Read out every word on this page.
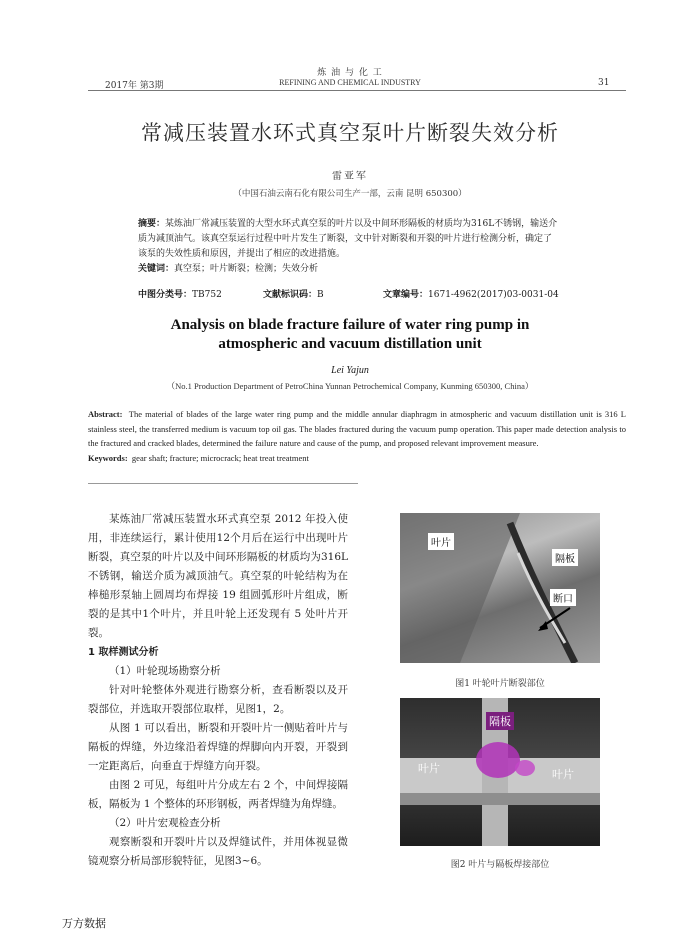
炼 油 与 化 工
2017年 第3期	REFINING AND CHEMICAL INDUSTRY	31
常减压装置水环式真空泵叶片断裂失效分析
雷亚军
（中国石油云南石化有限公司生产一部，云南 昆明 650300）
摘要：某炼油厂常减压装置的大型水环式真空泵的叶片以及中间环形隔板的材质均为316L不锈钢，输送介质为减顶油气。该真空泵运行过程中叶片发生了断裂，文中针对断裂和开裂的叶片进行检测分析，确定了该泵的失效性质和原因，并提出了相应的改进措施。
关键词：真空泵；叶片断裂；检测；失效分析
中图分类号：TB752	文献标识码：B	文章编号：1671-4962(2017)03-0031-04
Analysis on blade fracture failure of water ring pump in atmospheric and vacuum distillation unit
Lei Yajun
（No.1 Production Department of PetroChina Yunnan Petrochemical Company, Kunming 650300, China）
Abstract: The material of blades of the large water ring pump and the middle annular diaphragm in atmospheric and vacuum distillation unit is 316 L stainless steel, the transferred medium is vacuum top oil gas. The blades fractured during the vacuum pump operation. This paper made detection analysis to the fractured and cracked blades, determined the failure nature and cause of the pump, and proposed relevant improvement measure.
Keywords: gear shaft; fracture; microcrack; heat treat treatment

某炼油厂常减压装置水环式真空泵 2012 年投入使用，非连续运行，累计使用12个月后在运行中出现叶片断裂，真空泵的叶片以及中间环形隔板的材质均为316L不锈钢，输送介质为减顶油气。真空泵的叶轮结构为在棒槌形泵轴上圆周均布焊接 19 组圆弧形叶片组成，断裂的是其中1个叶片，并且叶轮上还发现有 5 处叶片开裂。

1 取样测试分析

（1）叶轮现场勘察分析

针对叶轮整体外观进行勘察分析，查看断裂以及开裂部位，并选取开裂部位取样，见图1，2。

从图 1 可以看出，断裂和开裂叶片一侧贴着叶片与隔板的焊缝，外边缘沿着焊缝的焊脚向内开裂，开裂到一定距离后，向垂直于焊缝方向开裂。

由图 2 可见，每组叶片分成左右 2 个，中间焊接隔板，隔板为 1 个整体的环形钢板，两者焊缝为角焊缝。

（2）叶片宏观检查分析

观察断裂和开裂叶片以及焊缝试件，并用体视显微镜观察分析局部形貌特征，见图3~6。

叶片
隔板
断口
图1 叶轮叶片断裂部位
隔板
叶片	叶片
图2 叶片与隔板焊接部位
万方数据
